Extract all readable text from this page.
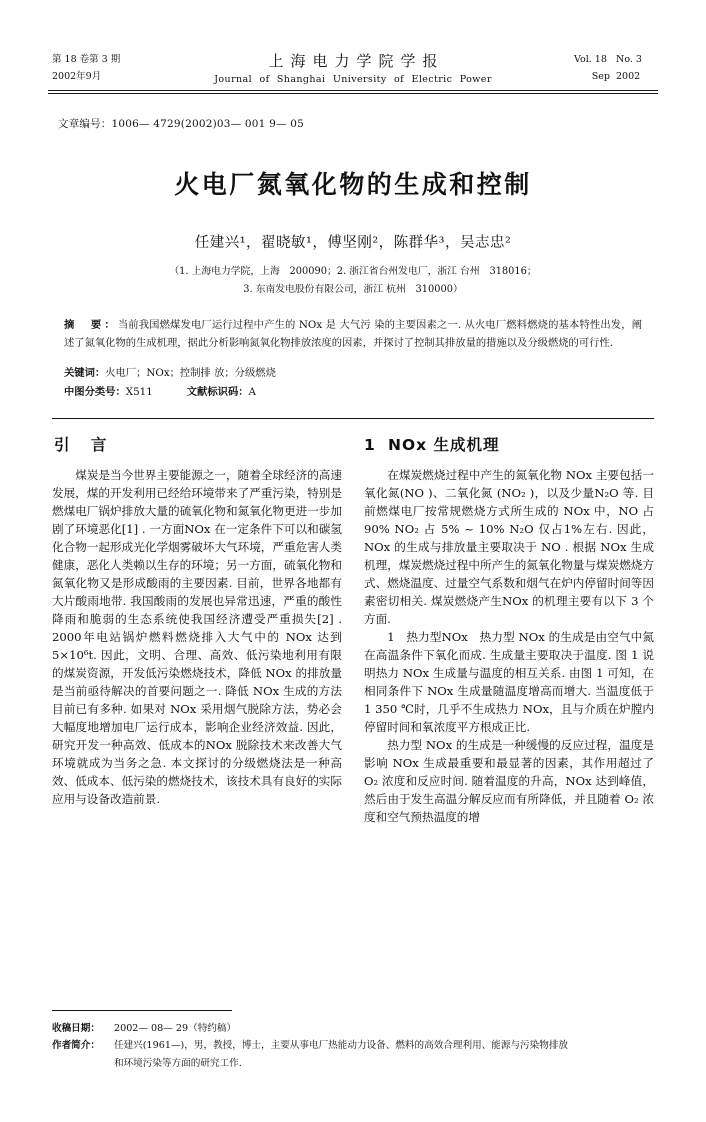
第 18 卷第 3 期
2002年9月
上海电力学院学报
Journal of Shanghai University of Electric Power
Vol. 18 No. 3
Sep 2002
文章编号：1006— 4729(2002)03— 001 9— 05
火电厂氮氧化物的生成和控制
任建兴¹，翟晓敏¹，傅坚刚²，陈群华³，吴志忠²
（1. 上海电力学院，上海　200090；2. 浙江省台州发电厂，浙江 台州　318016；
3. 东南发电股份有限公司，浙江 杭州　310000）
摘　要：当前我国燃煤发电厂运行过程中产生的 NOx 是 大气污 染的主要因素之一. 从火电厂燃料燃烧的基本特性出发，阐述了氮氧化物的生成机理，据此分析影响氮氧化物排放浓度的因素，并探讨了控制其排放量的措施以及分级燃烧的可行性.
关键词：火电厂；NOx；控制排 放；分级燃烧
中图分类号：X511	文献标识码：A
引 言

煤炭是当今世界主要能源之一，随着全球经济的高速发展，煤的开发利用已经给环境带来了严重污染，特别是燃煤电厂锅炉排放大量的硫氧化物和氮氧化物更进一步加剧了环境恶化[1] . 一方面NOx 在一定条件下可以和碳氢化合物一起形成光化学烟雾破坏大气环境，严重危害人类健康，恶化人类赖以生存的环境；另一方面，硫氧化物和氮氧化物又是形成酸雨的主要因素. 目前，世界各地都有大片酸雨地带. 我国酸雨的发展也异常迅速，严重的酸性降雨和脆弱的生态系统使我国经济遭受严重损失[2] . 2000年电站锅炉燃料燃烧排入大气中的 NOx 达到 5×10⁶t. 因此，文明、合理、高效、低污染地利用有限的煤炭资源，开发低污染燃烧技术，降低 NOx 的排放量是当前亟待解决的首要问题之一. 降低 NOx 生成的方法目前已有多种. 如果对 NOx 采用烟气脱除方法，势必会大幅度地增加电厂运行成本，影响企业经济效益. 因此，研究开发一种高效、低成本的NOx 脱除技术来改善大气环境就成为当务之急. 本文探讨的分级燃烧法是一种高效、低成本、低污染的燃烧技术，该技术具有良好的实际应用与设备改造前景.

1 NOx 生成机理

在煤炭燃烧过程中产生的氮氧化物 NOx 主要包括一氧化氮(NO )、二氧化氮 (NO₂ )，以及少量N₂O 等. 目前燃煤电厂按常规燃烧方式所生成的 NOx 中，NO 占 90% NO₂ 占 5% ~ 10% N₂O 仅占1%左右. 因此，NOx 的生成与排放量主要取决于 NO . 根据 NOx 生成机理，煤炭燃烧过程中所产生的氮氧化物量与煤炭燃烧方式、燃烧温度、过量空气系数和烟气在炉内停留时间等因素密切相关. 煤炭燃烧产生NOx 的机理主要有以下 3 个方面.

1　热力型NOx　热力型 NOx 的生成是由空气中氮在高温条件下氧化而成. 生成量主要取决于温度. 图 1 说明热力 NOx 生成量与温度的相互关系. 由图 1 可知，在相同条件下 NOx 生成量随温度增高而增大. 当温度低于 1 350 ℃时，几乎不生成热力 NOx，且与介质在炉膛内停留时间和氧浓度平方根成正比.

热力型 NOx 的生成是一种缓慢的反应过程，温度是影响 NOx 生成最重要和最显著的因素，其作用超过了 O₂ 浓度和反应时间. 随着温度的升高，NOx 达到峰值，然后由于发生高温分解反应而有所降低，并且随着 O₂ 浓度和空气预热温度的增

收稿日期：	2002— 08— 29（特约稿）
作者简介：	任建兴(1961—)，男，教授，博士，主要从事电厂热能动力设备、燃料的高效合理利用、能源与污染物排放
和环境污染等方面的研究工作.
